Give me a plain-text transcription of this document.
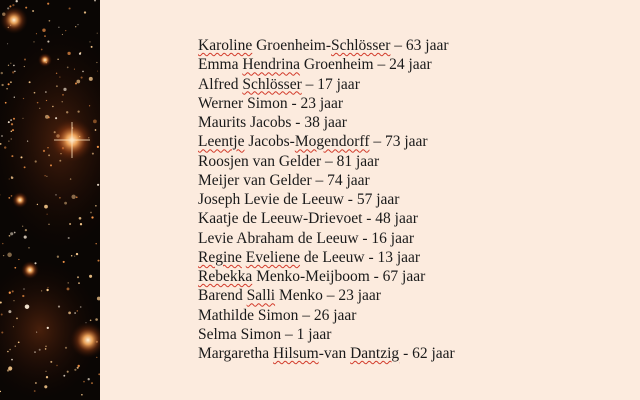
Karoline Groenheim-Schlösser – 63 jaar
Emma Hendrina Groenheim – 24 jaar
Alfred Schlösser – 17 jaar
Werner Simon - 23 jaar
Maurits Jacobs - 38 jaar
Leentje Jacobs-Mogendorff – 73 jaar
Roosjen van Gelder – 81 jaar
Meijer van Gelder – 74 jaar
Joseph Levie de Leeuw - 57 jaar
Kaatje de Leeuw-Drievoet - 48 jaar
Levie Abraham de Leeuw - 16 jaar
Regine Eveliene de Leeuw - 13 jaar
Rebekka Menko-Meijboom - 67 jaar
Barend Salli Menko – 23 jaar
Mathilde Simon – 26 jaar
Selma Simon – 1 jaar
Margaretha Hilsum-van Dantzig - 62 jaar
